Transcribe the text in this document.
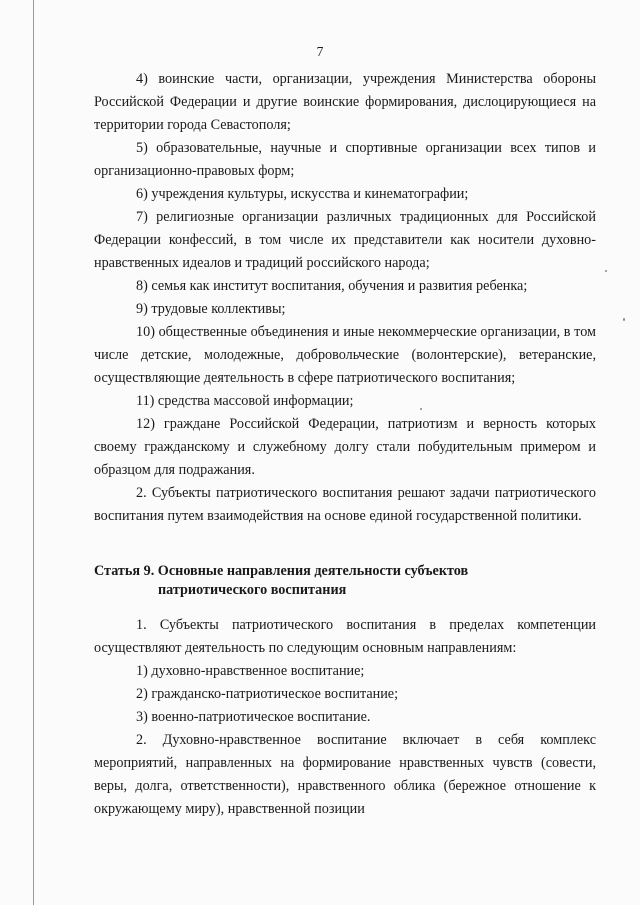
7

4) воинские части, организации, учреждения Министерства обороны Российской Федерации и другие воинские формирования, дислоцирующиеся на территории города Севастополя;

5) образовательные, научные и спортивные организации всех типов и организационно-правовых форм;

6) учреждения культуры, искусства и кинематографии;

7) религиозные организации различных традиционных для Российской Федерации конфессий, в том числе их представители как носители духовно-нравственных идеалов и традиций российского народа;

8) семья как институт воспитания, обучения и развития ребенка;

9) трудовые коллективы;

10) общественные объединения и иные некоммерческие организации, в том числе детские, молодежные, добровольческие (волонтерские), ветеранские, осуществляющие деятельность в сфере патриотического воспитания;

11) средства массовой информации;

12) граждане Российской Федерации, патриотизм и верность которых своему гражданскому и служебному долгу стали побудительным примером и образцом для подражания.

2. Субъекты патриотического воспитания решают задачи патриотического воспитания путем взаимодействия на основе единой государственной политики.

Статья 9. Основные направления деятельности субъектов
патриотического воспитания

1. Субъекты патриотического воспитания в пределах компетенции осуществляют деятельность по следующим основным направлениям:

1) духовно-нравственное воспитание;

2) гражданско-патриотическое воспитание;

3) военно-патриотическое воспитание.

2. Духовно-нравственное воспитание включает в себя комплекс мероприятий, направленных на формирование нравственных чувств (совести, веры, долга, ответственности), нравственного облика (бережное отношение к окружающему миру), нравственной позиции
